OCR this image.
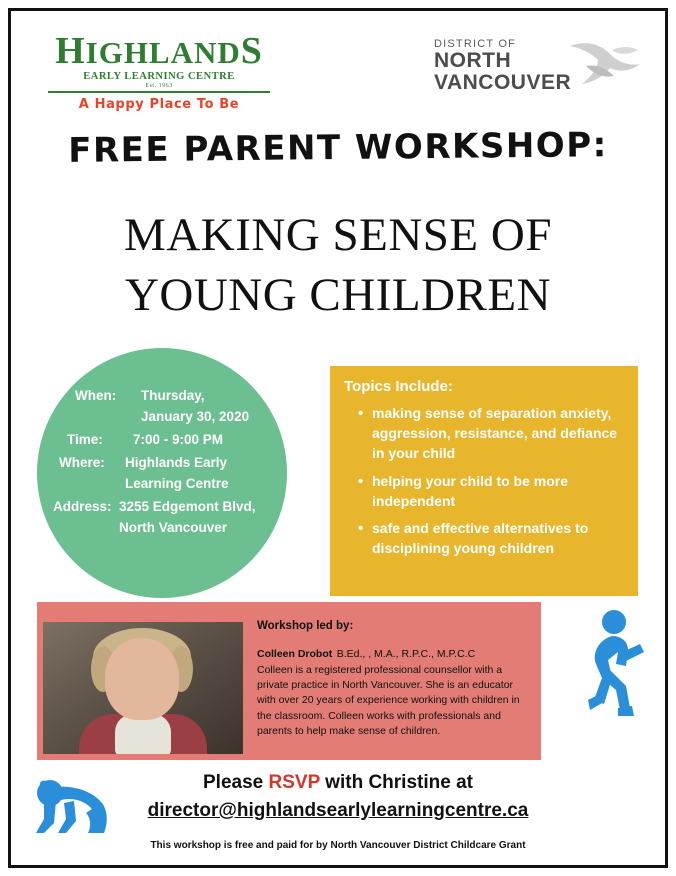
HIGHLANDS
EARLY LEARNING CENTRE
Est. 1963
A Happy Place To Be
DISTRICT OF
NORTH
VANCOUVER
FREE PARENT WORKSHOP:
MAKING SENSE OF
YOUNG CHILDREN
When:	Thursday,
January 30, 2020
Time:	7:00 - 9:00 PM
Where:	Highlands Early
Learning Centre
Address: 3255 Edgemont Blvd,
North Vancouver
Topics Include:
• making sense of separation anxiety, aggression, resistance, and defiance in your child
• helping your child to be more independent
• safe and effective alternatives to disciplining young children
Workshop led by:
Colleen Drobot B.Ed., , M.A., R.P.C., M.P.C.C
Colleen is a registered professional counsellor with a private practice in North Vancouver. She is an educator with over 20 years of experience working with children in the classroom. Colleen works with professionals and parents to help make sense of children.
Please RSVP with Christine at
director@highlandsearlylearningcentre.ca
This workshop is free and paid for by North Vancouver District Childcare Grant
